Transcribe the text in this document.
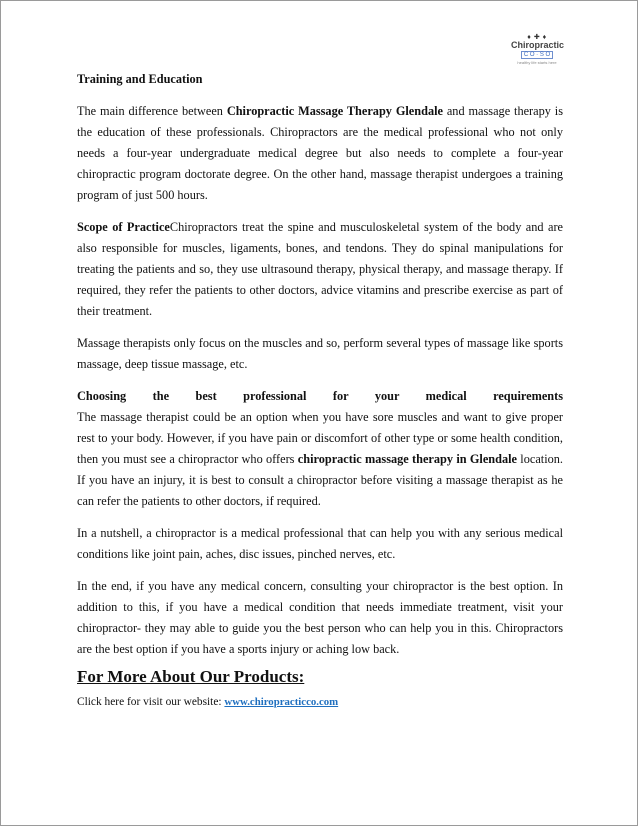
♦ ✚ ♦
Chiropractic
C O · S O
healthy life starts here

Training and Education

The main difference between Chiropractic Massage Therapy Glendale and massage therapy is the education of these professionals. Chiropractors are the medical professional who not only needs a four-year undergraduate medical degree but also needs to complete a four-year chiropractic program doctorate degree. On the other hand, massage therapist undergoes a training program of just 500 hours.

Scope of PracticeChiropractors treat the spine and musculoskeletal system of the body and are also responsible for muscles, ligaments, bones, and tendons. They do spinal manipulations for treating the patients and so, they use ultrasound therapy, physical therapy, and massage therapy. If required, they refer the patients to other doctors, advice vitamins and prescribe exercise as part of their treatment.

Massage therapists only focus on the muscles and so, perform several types of massage like sports massage, deep tissue massage, etc.

Choosing the best professional for your medical requirements

The massage therapist could be an option when you have sore muscles and want to give proper rest to your body. However, if you have pain or discomfort of other type or some health condition, then you must see a chiropractor who offers chiropractic massage therapy in Glendale location. If you have an injury, it is best to consult a chiropractor before visiting a massage therapist as he can refer the patients to other doctors, if required.

In a nutshell, a chiropractor is a medical professional that can help you with any serious medical conditions like joint pain, aches, disc issues, pinched nerves, etc.

In the end, if you have any medical concern, consulting your chiropractor is the best option. In addition to this, if you have a medical condition that needs immediate treatment, visit your chiropractor- they may able to guide you the best person who can help you in this. Chiropractors are the best option if you have a sports injury or aching low back.

For More About Our Products:
Click here for visit our website: www.chiropracticco.com
